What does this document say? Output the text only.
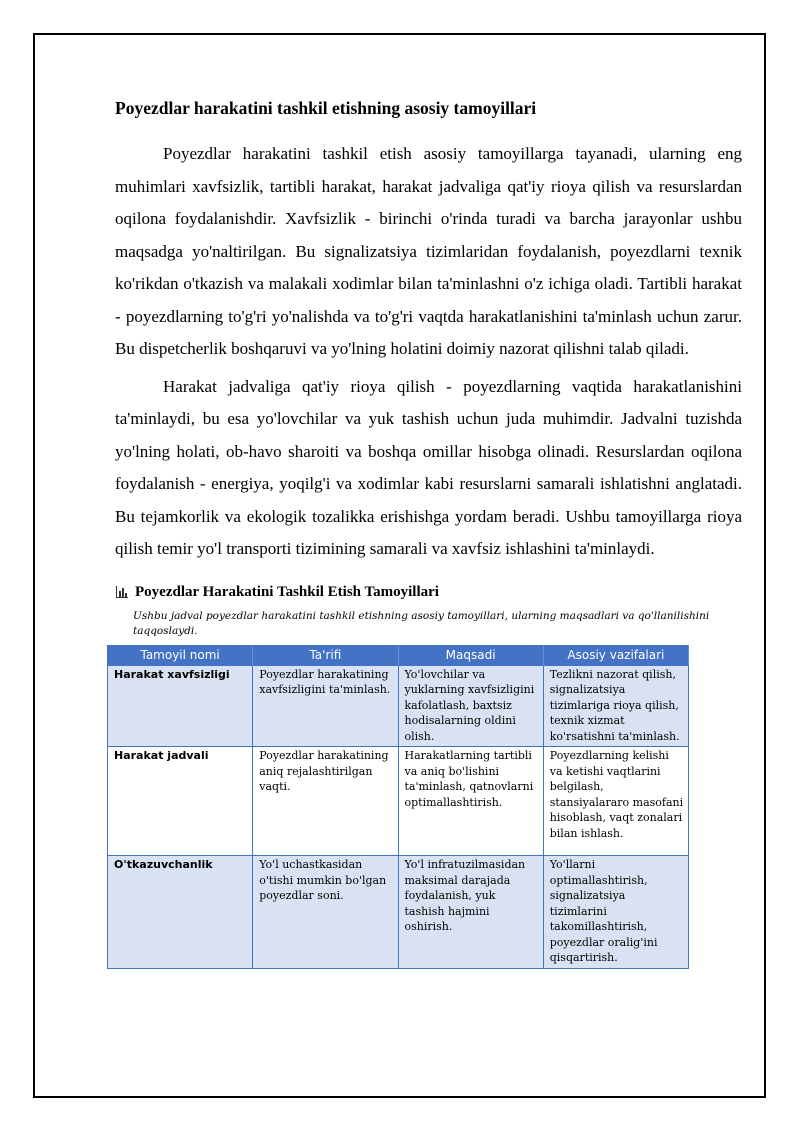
Poyezdlar harakatini tashkil etishning asosiy tamoyillari

Poyezdlar harakatini tashkil etish asosiy tamoyillarga tayanadi, ularning eng muhimlari xavfsizlik, tartibli harakat, harakat jadvaliga qat'iy rioya qilish va resurslardan oqilona foydalanishdir. Xavfsizlik - birinchi o'rinda turadi va barcha jarayonlar ushbu maqsadga yo'naltirilgan. Bu signalizatsiya tizimlaridan foydalanish, poyezdlarni texnik ko'rikdan o'tkazish va malakali xodimlar bilan ta'minlashni o'z ichiga oladi. Tartibli harakat - poyezdlarning to'g'ri yo'nalishda va to'g'ri vaqtda harakatlanishini ta'minlash uchun zarur. Bu dispetcherlik boshqaruvi va yo'lning holatini doimiy nazorat qilishni talab qiladi.

Harakat jadvaliga qat'iy rioya qilish - poyezdlarning vaqtida harakatlanishini ta'minlaydi, bu esa yo'lovchilar va yuk tashish uchun juda muhimdir. Jadvalni tuzishda yo'lning holati, ob-havo sharoiti va boshqa omillar hisobga olinadi. Resurslardan oqilona foydalanish - energiya, yoqilg'i va xodimlar kabi resurslarni samarali ishlatishni anglatadi. Bu tejamkorlik va ekologik tozalikka erishishga yordam beradi. Ushbu tamoyillarga rioya qilish temir yo'l transporti tizimining samarali va xavfsiz ishlashini ta'minlaydi.

Poyezdlar Harakatini Tashkil Etish Tamoyillari
Ushbu jadval poyezdlar harakatini tashkil etishning asosiy tamoyillari, ularning maqsadlari va qo'llanilishini taqqoslaydi.
Tamoyil nomi	Ta'rifi	Maqsadi	Asosiy vazifalari
Harakat xavfsizligi	Poyezdlar harakatining xavfsizligini ta'minlash.	Yo'lovchilar va yuklarning xavfsizligini kafolatlash, baxtsiz hodisalarning oldini olish.	Tezlikni nazorat qilish, signalizatsiya tizimlariga rioya qilish, texnik xizmat ko'rsatishni ta'minlash.
Harakat jadvali	Poyezdlar harakatining aniq rejalashtirilgan vaqti.	Harakatlarning tartibli va aniq bo'lishini ta'minlash, qatnovlarni optimallashtirish.	Poyezdlarning kelishi va ketishi vaqtlarini belgilash, stansiyalararo masofani hisoblash, vaqt zonalari bilan ishlash.
O'tkazuvchanlik	Yo'l uchastkasidan o'tishi mumkin bo'lgan poyezdlar soni.	Yo'l infratuzilmasidan maksimal darajada foydalanish, yuk tashish hajmini oshirish.	Yo'llarni optimallashtirish, signalizatsiya tizimlarini takomillashtirish, poyezdlar oralig'ini qisqartirish.
